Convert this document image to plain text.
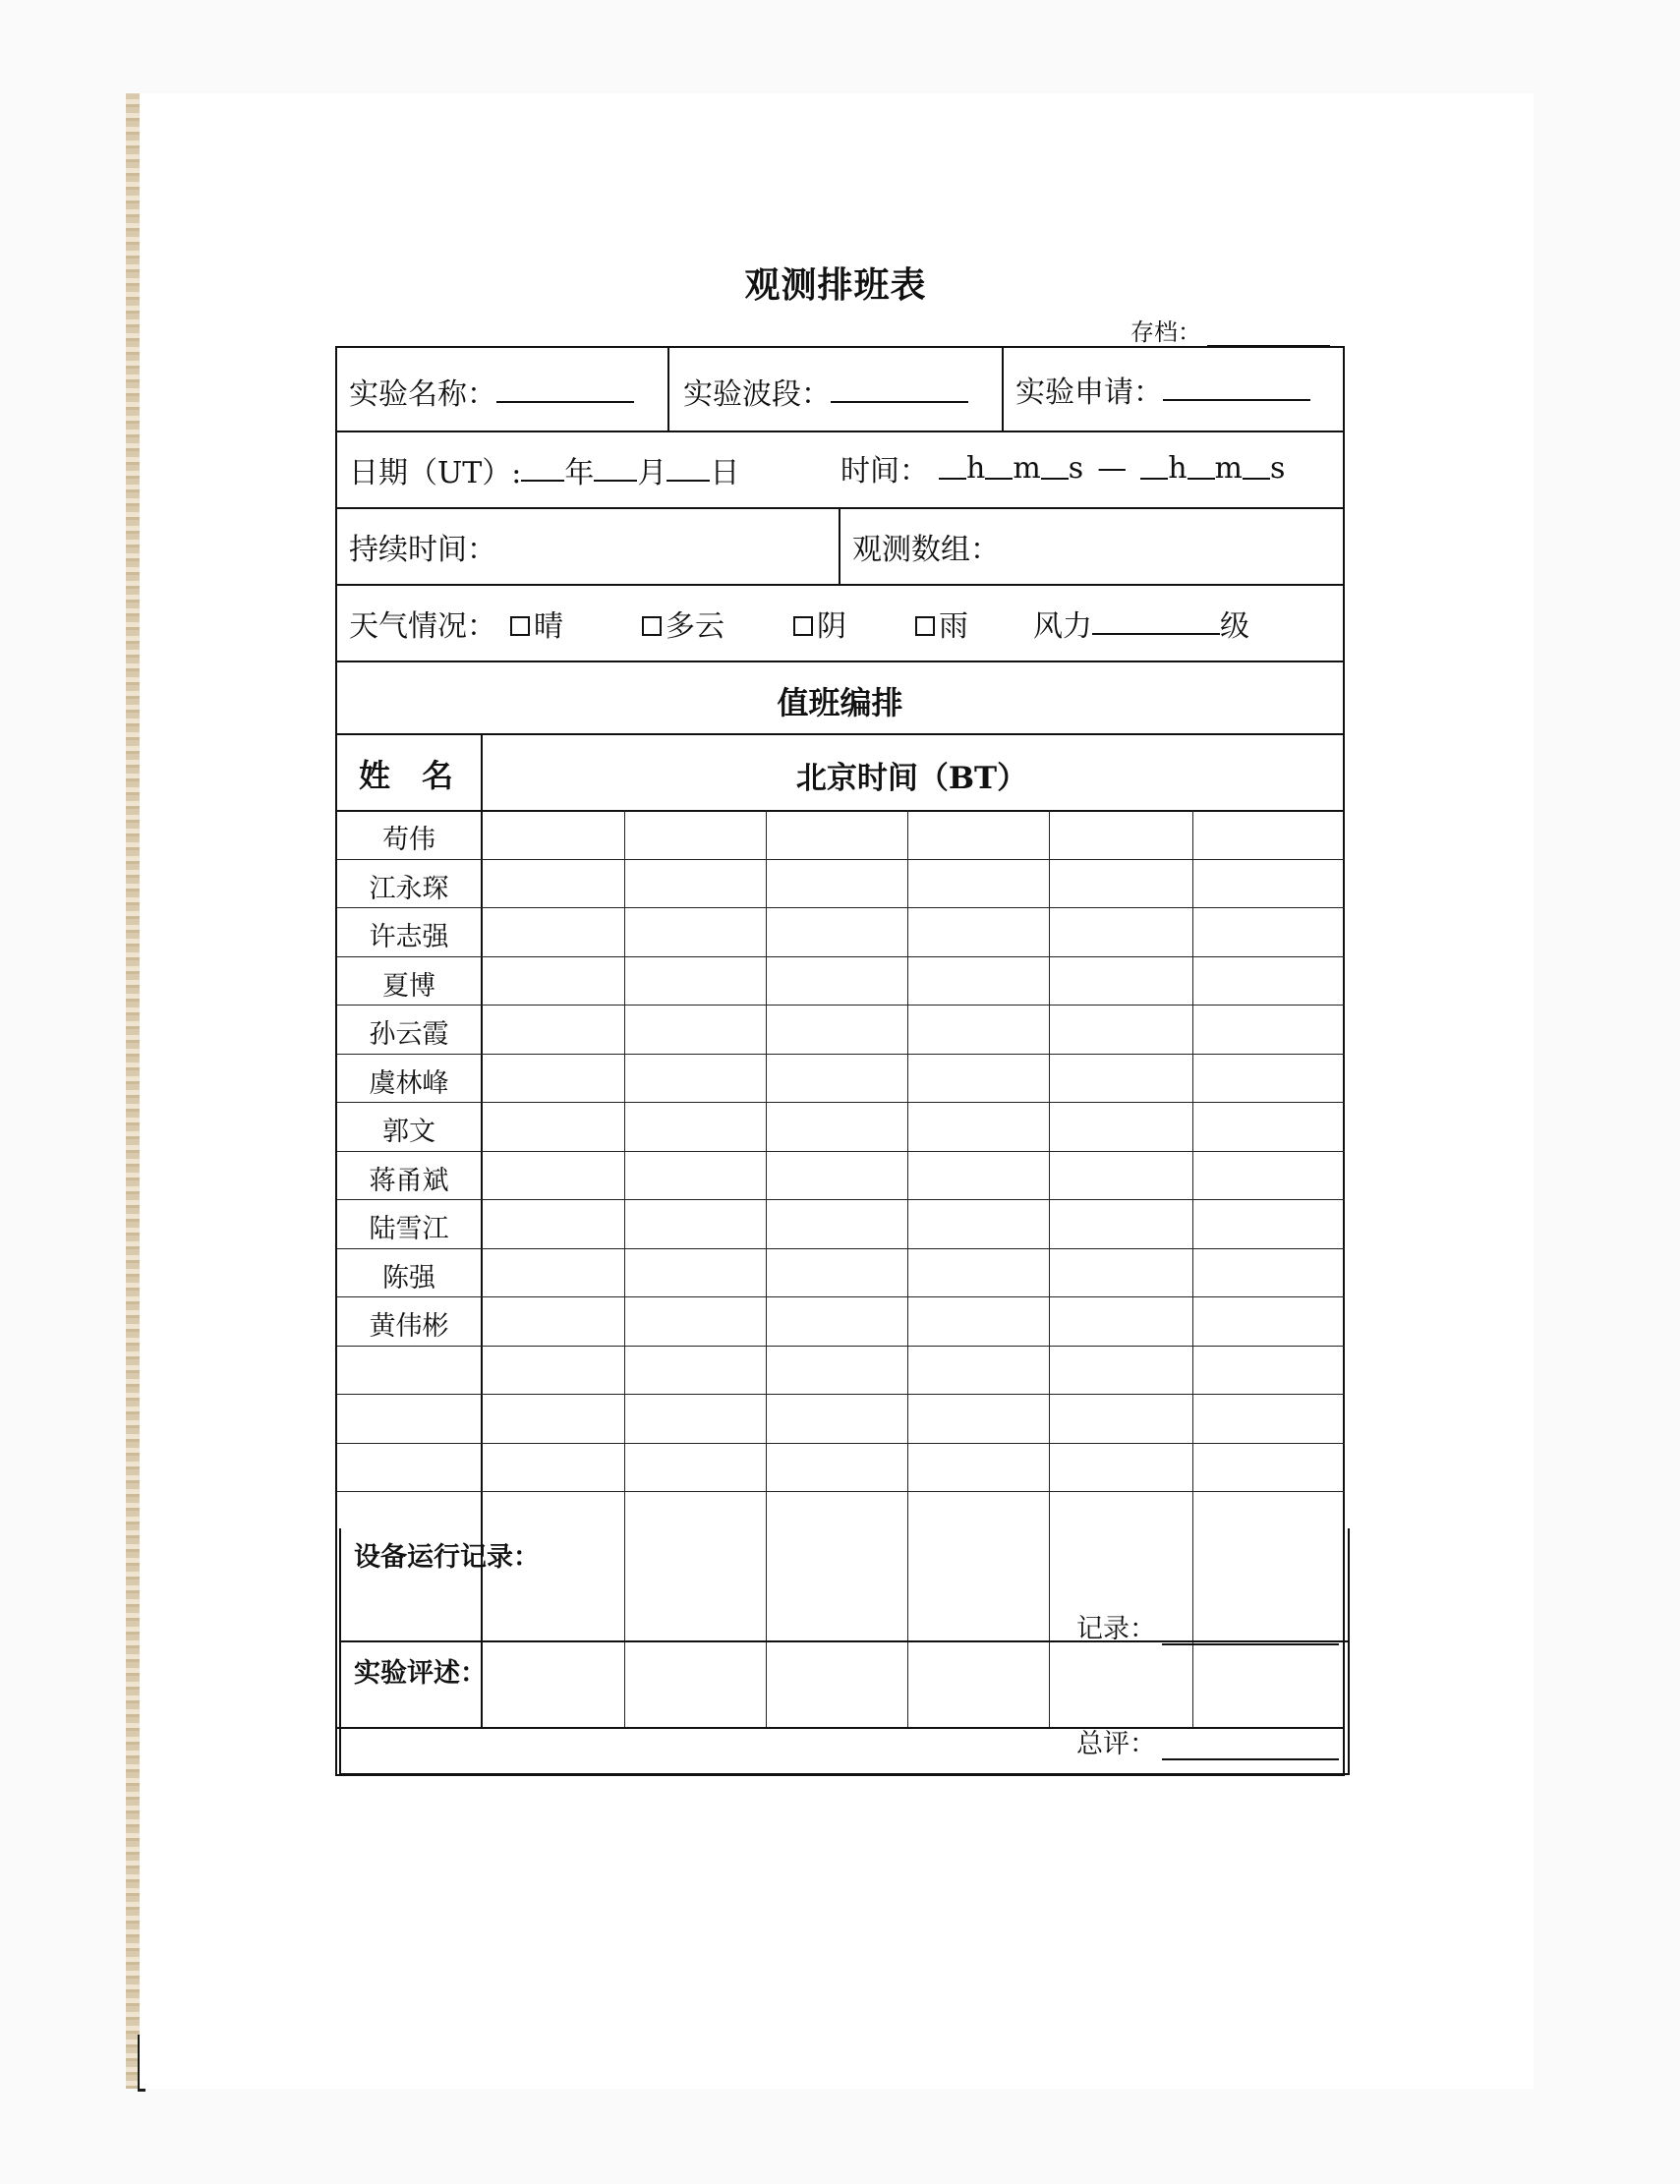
观测排班表
存档：
实验名称：	实验波段：	实验申请：
日期（UT）: 年 月 日	时间： h m s — h m s
持续时间：	观测数组：
天气情况：	晴	多云	阴	雨 风力	级
值班编排
姓　名	北京时间（BT）
苟伟
江永琛
许志强
夏博
孙云霞
虞林峰
郭文
蒋甬斌
陆雪江
陈强
黄伟彬
设备运行记录：
记录：
实验评述：
总评：
